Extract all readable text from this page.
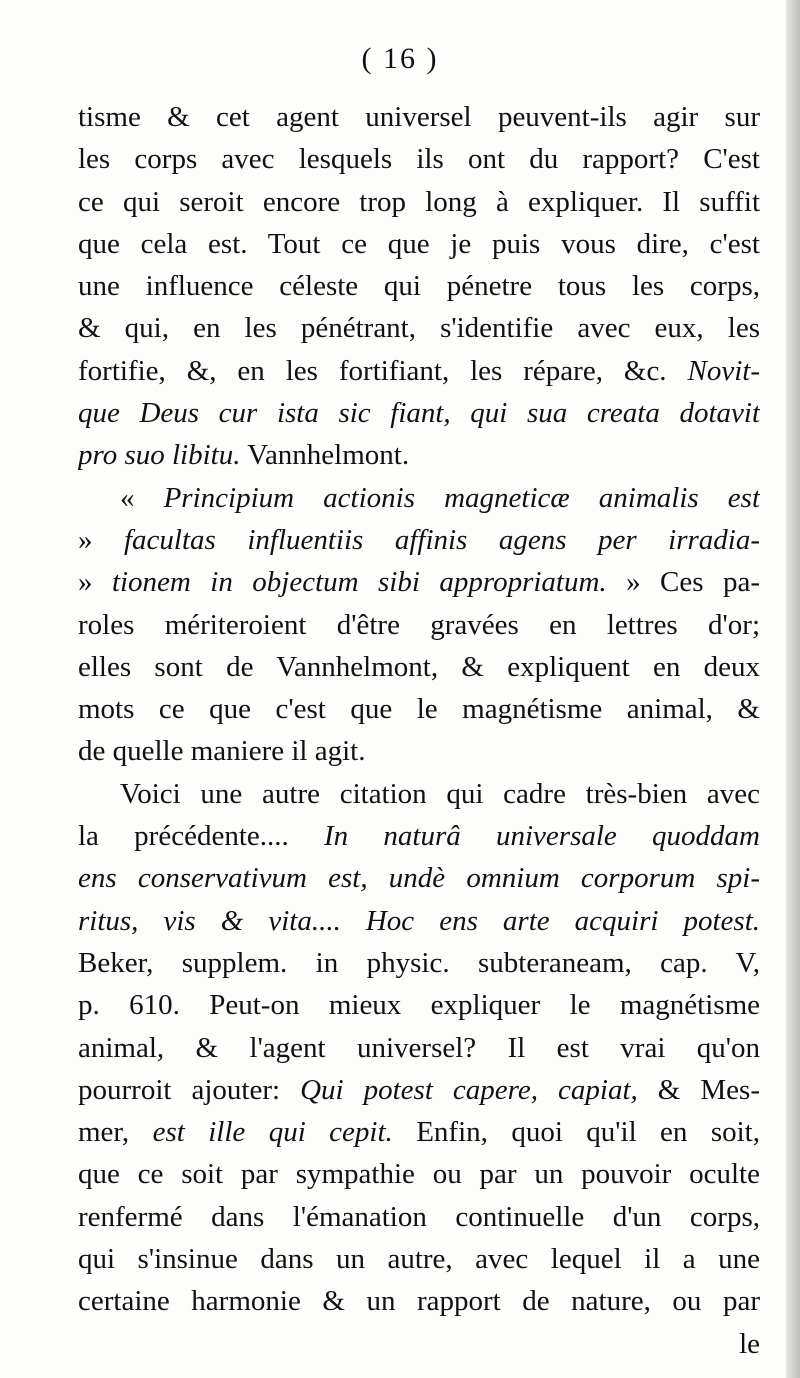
( 16 )
tisme & cet agent universel peuvent-ils agir sur
les corps avec lesquels ils ont du rapport? C'est
ce qui seroit encore trop long à expliquer. Il suffit
que cela est. Tout ce que je puis vous dire, c'est
une influence céleste qui pénetre tous les corps,
& qui, en les pénétrant, s'identifie avec eux, les
fortifie, &, en les fortifiant, les répare, &c. Novit-
que Deus cur ista sic fiant, qui sua creata dotavit
pro suo libitu. Vannhelmont.
« Principium actionis magneticæ animalis est
» facultas influentiis affinis agens per irradia-
» tionem in objectum sibi appropriatum. » Ces pa-
roles mériteroient d'être gravées en lettres d'or;
elles sont de Vannhelmont, & expliquent en deux
mots ce que c'est que le magnétisme animal, &
de quelle maniere il agit.
Voici une autre citation qui cadre très-bien avec
la précédente.... In naturâ universale quoddam
ens conservativum est, undè omnium corporum spi-
ritus, vis & vita.... Hoc ens arte acquiri potest.
Beker, supplem. in physic. subteraneam, cap. V,
p. 610. Peut-on mieux expliquer le magnétisme
animal, & l'agent universel? Il est vrai qu'on
pourroit ajouter: Qui potest capere, capiat, & Mes-
mer, est ille qui cepit. Enfin, quoi qu'il en soit,
que ce soit par sympathie ou par un pouvoir oculte
renfermé dans l'émanation continuelle d'un corps,
qui s'insinue dans un autre, avec lequel il a une
certaine harmonie & un rapport de nature, ou par
le
